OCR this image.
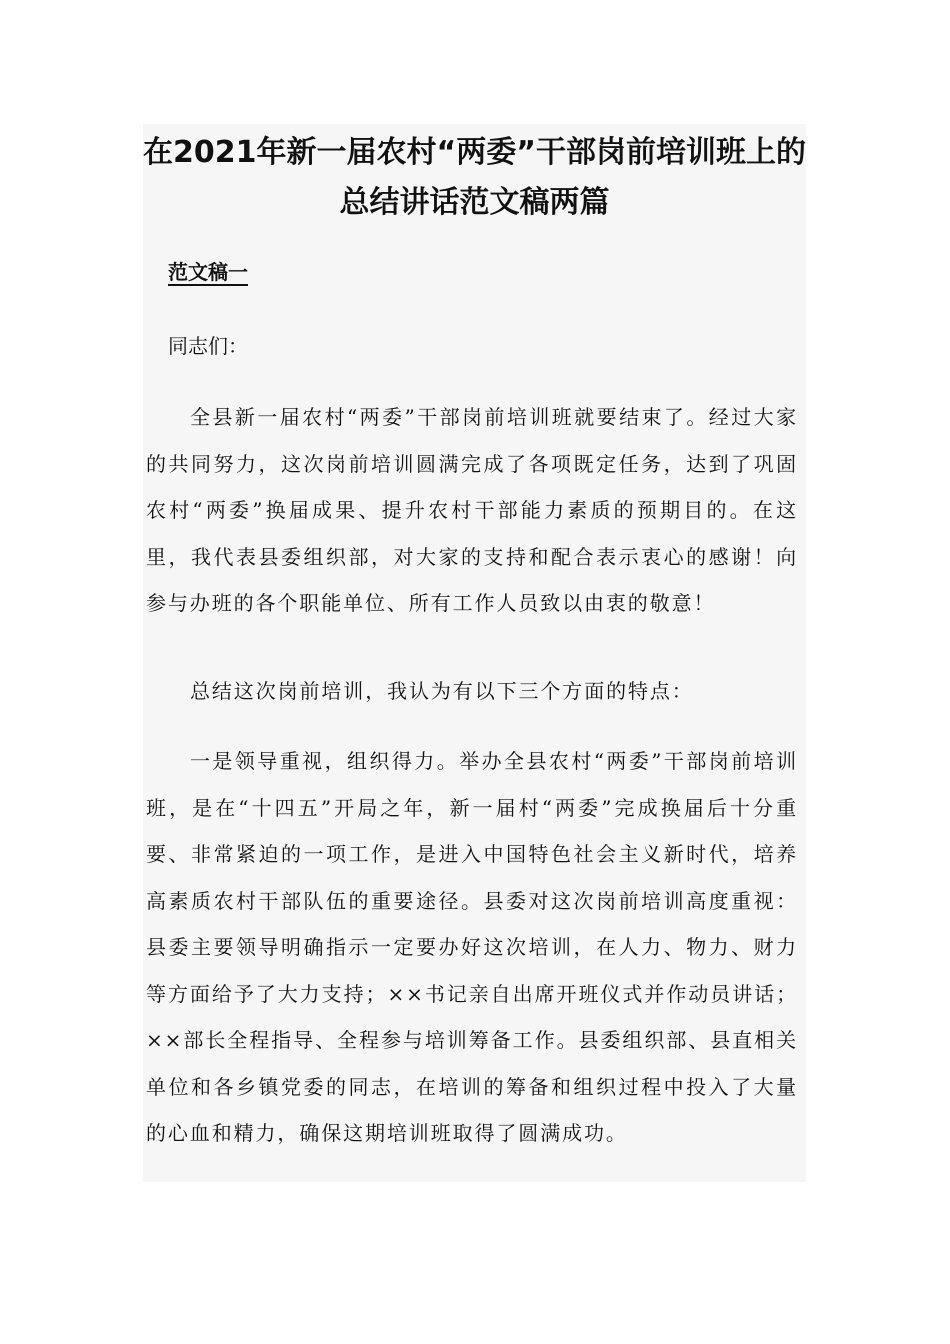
在2021年新一届农村“两委”干部岗前培训班上的
总结讲话范文稿两篇
范文稿一

同志们：

全县新一届农村“两委”干部岗前培训班就要结束了。经过大家的共同努力，这次岗前培训圆满完成了各项既定任务，达到了巩固农村“两委”换届成果、提升农村干部能力素质的预期目的。在这里，我代表县委组织部，对大家的支持和配合表示衷心的感谢！向参与办班的各个职能单位、所有工作人员致以由衷的敬意！

总结这次岗前培训，我认为有以下三个方面的特点：

一是领导重视，组织得力。举办全县农村“两委”干部岗前培训班，是在“十四五”开局之年，新一届村“两委”完成换届后十分重要、非常紧迫的一项工作，是进入中国特色社会主义新时代，培养高素质农村干部队伍的重要途径。县委对这次岗前培训高度重视：县委主要领导明确指示一定要办好这次培训，在人力、物力、财力等方面给予了大力支持；××书记亲自出席开班仪式并作动员讲话；××部长全程指导、全程参与培训筹备工作。县委组织部、县直相关单位和各乡镇党委的同志，在培训的筹备和组织过程中投入了大量的心血和精力，确保这期培训班取得了圆满成功。
